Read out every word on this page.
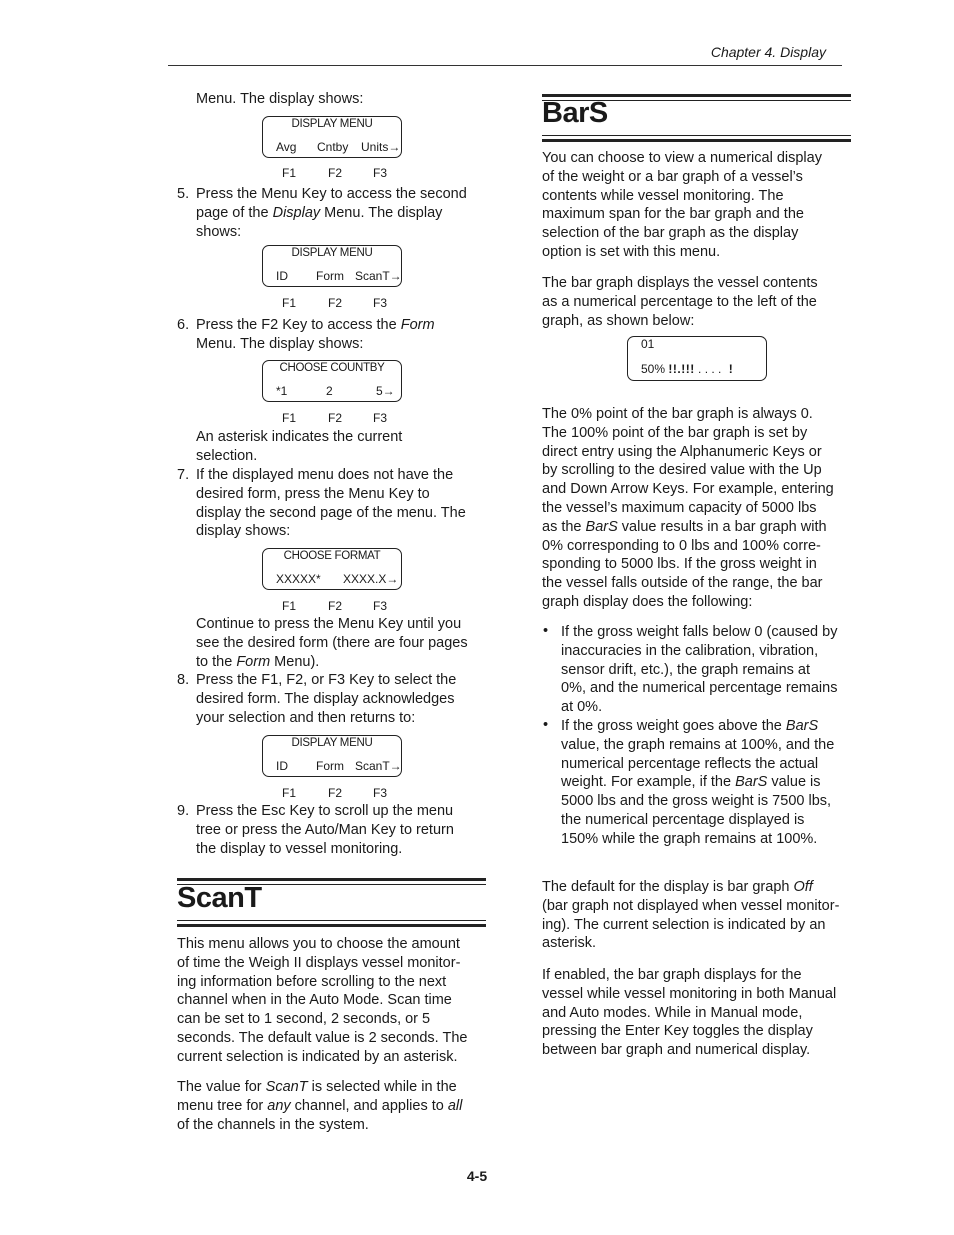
Chapter 4. Display
Menu. The display shows:
DISPLAY MENU
Avg Cntby Units→
F1	F2	F3
5. Press the Menu Key to access the second
page of the Display Menu. The display
shows:
DISPLAY MENU
ID Form ScanT→
F1	F2	F3
6. Press the F2 Key to access the Form
Menu. The display shows:
CHOOSE COUNTBY
*1	2	5→
F1	F2	F3
An asterisk indicates the current
selection.
7. If the displayed menu does not have the
desired form, press the Menu Key to
display the second page of the menu. The
display shows:
CHOOSE FORMAT
XXXXX* XXXX.X→
F1	F2	F3
Continue to press the Menu Key until you
see the desired form (there are four pages
to the Form Menu).
8. Press the F1, F2, or F3 Key to select the
desired form. The display acknowledges
your selection and then returns to:
DISPLAY MENU
ID Form ScanT→
F1	F2	F3
9. Press the Esc Key to scroll up the menu
tree or press the Auto/Man Key to return
the display to vessel monitoring.
ScanT
This menu allows you to choose the amount
of time the Weigh II displays vessel monitor-
ing information before scrolling to the next
channel when in the Auto Mode. Scan time
can be set to 1 second, 2 seconds, or 5
seconds. The default value is 2 seconds. The
current selection is indicated by an asterisk.
The value for ScanT is selected while in the
menu tree for any channel, and applies to all
of the channels in the system.
BarS
You can choose to view a numerical display
of the weight or a bar graph of a vessel’s
contents while vessel monitoring. The
maximum span for the bar graph and the
selection of the bar graph as the display
option is set with this menu.
The bar graph displays the vessel contents
as a numerical percentage to the left of the
graph, as shown below:
01
50% !!.!!! . . . . !
The 0% point of the bar graph is always 0.
The 100% point of the bar graph is set by
direct entry using the Alphanumeric Keys or
by scrolling to the desired value with the Up
and Down Arrow Keys. For example, entering
the vessel’s maximum capacity of 5000 lbs
as the BarS value results in a bar graph with
0% corresponding to 0 lbs and 100% corre-
sponding to 5000 lbs. If the gross weight in
the vessel falls outside of the range, the bar
graph display does the following:
• If the gross weight falls below 0 (caused by
inaccuracies in the calibration, vibration,
sensor drift, etc.), the graph remains at
0%, and the numerical percentage remains
at 0%.
• If the gross weight goes above the BarS
value, the graph remains at 100%, and the
numerical percentage reflects the actual
weight. For example, if the BarS value is
5000 lbs and the gross weight is 7500 lbs,
the numerical percentage displayed is
150% while the graph remains at 100%.
The default for the display is bar graph Off
(bar graph not displayed when vessel monitor-
ing). The current selection is indicated by an
asterisk.
If enabled, the bar graph displays for the
vessel while vessel monitoring in both Manual
and Auto modes. While in Manual mode,
pressing the Enter Key toggles the display
between bar graph and numerical display.
4-5
